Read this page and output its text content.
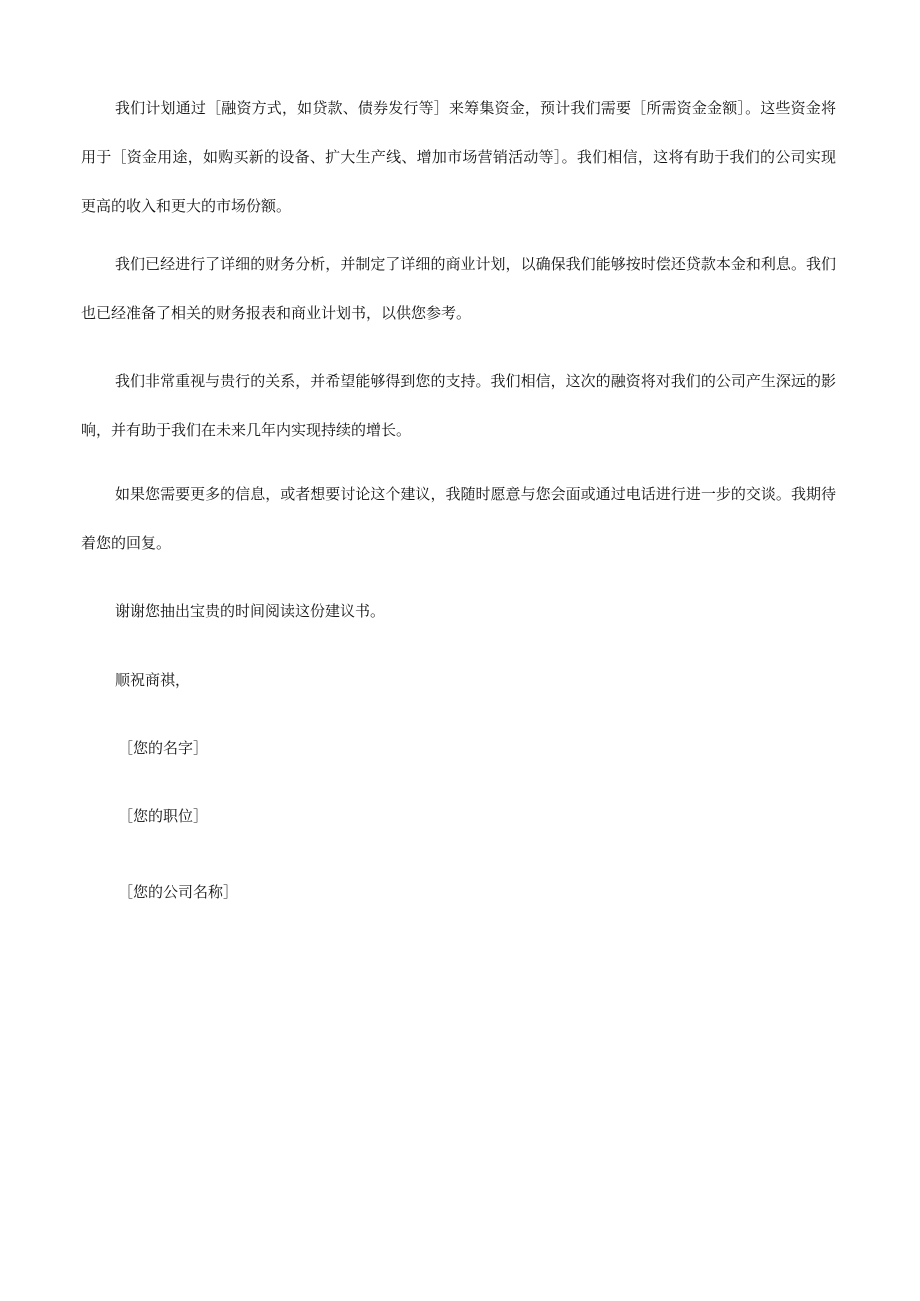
我们计划通过［融资方式，如贷款、债券发行等］来筹集资金，预计我们需要［所需资金金额］。这些资金将用于［资金用途，如购买新的设备、扩大生产线、增加市场营销活动等］。我们相信，这将有助于我们的公司实现更高的收入和更大的市场份额。

我们已经进行了详细的财务分析，并制定了详细的商业计划，以确保我们能够按时偿还贷款本金和利息。我们也已经准备了相关的财务报表和商业计划书，以供您参考。

我们非常重视与贵行的关系，并希望能够得到您的支持。我们相信，这次的融资将对我们的公司产生深远的影响，并有助于我们在未来几年内实现持续的增长。

如果您需要更多的信息，或者想要讨论这个建议，我随时愿意与您会面或通过电话进行进一步的交谈。我期待着您的回复。

谢谢您抽出宝贵的时间阅读这份建议书。

顺祝商祺，

［您的名字］

［您的职位］

［您的公司名称］
